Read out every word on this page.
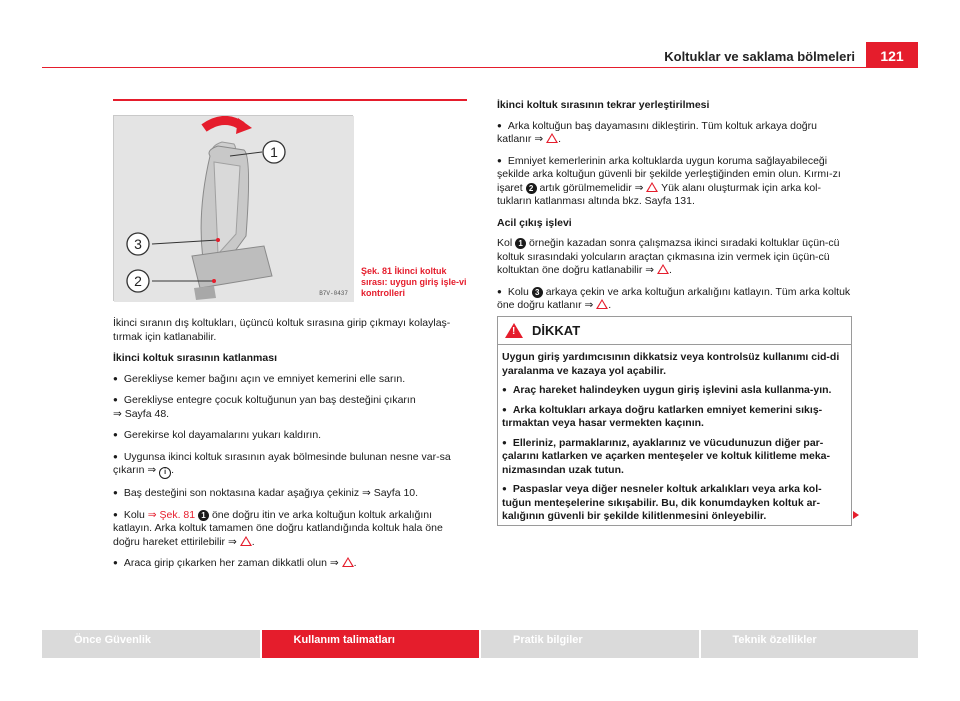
Koltuklar ve saklama bölmeleri	121
1
3
2
B7V-0437
Şek. 81 İkinci koltuk sırası: uygun giriş işle-vi kontrolleri

İkinci sıranın dış koltukları, üçüncü koltuk sırasına girip çıkmayı kolaylaş-tırmak için katlanabilir.

İkinci koltuk sırasının katlanması

● Gerekliyse kemer bağını açın ve emniyet kemerini elle sarın.

● Gerekliyse entegre çocuk koltuğunun yan baş desteğini çıkarın
⇒ Sayfa 48.

● Gerekirse kol dayamalarını yukarı kaldırın.

● Uygunsa ikinci koltuk sırasının ayak bölmesinde bulunan nesne var-sa çıkarın ⇒ i .

● Baş desteğini son noktasına kadar aşağıya çekiniz ⇒ Sayfa 10.

● Kolu ⇒ Şek. 81 1 öne doğru itin ve arka koltuğun koltuk arkalığını katlayın. Arka koltuk tamamen öne doğru katlandığında koltuk hala öne doğru hareket ettirilebilir ⇒ .

● Araca girip çıkarken her zaman dikkatli olun ⇒ .

İkinci koltuk sırasının tekrar yerleştirilmesi

● Arka koltuğun baş dayamasını dikleştirin. Tüm koltuk arkaya doğru katlanır ⇒ .

● Emniyet kemerlerinin arka koltuklarda uygun koruma sağlayabileceği şekilde arka koltuğun güvenli bir şekilde yerleştiğinden emin olun. Kırmı-zı işaret 2 artık görülmemelidir ⇒ Yük alanı oluşturmak için arka kol-tukların katlanması altında bkz. Sayfa 131.

Acil çıkış işlevi

Kol 1 örneğin kazadan sonra çalışmazsa ikinci sıradaki koltuklar üçün-cü koltuk sırasındaki yolcuların araçtan çıkmasına izin vermek için üçün-cü koltuktan öne doğru katlanabilir ⇒ .

● Kolu 3 arkaya çekin ve arka koltuğun arkalığını katlayın. Tüm arka koltuk öne doğru katlanır ⇒ .

!
DİKKAT

Uygun giriş yardımcısının dikkatsiz veya kontrolsüz kullanımı cid-di yaralanma ve kazaya yol açabilir.

● Araç hareket halindeyken uygun giriş işlevini asla kullanma-yın.

● Arka koltukları arkaya doğru katlarken emniyet kemerini sıkış-tırmaktan veya hasar vermekten kaçının.

● Elleriniz, parmaklarınız, ayaklarınız ve vücudunuzun diğer par-çalarını katlarken ve açarken menteşeler ve koltuk kilitleme meka-nizmasından uzak tutun.

● Paspaslar veya diğer nesneler koltuk arkalıkları veya arka kol-tuğun menteşelerine sıkışabilir. Bu, dik konumdayken koltuk ar-kalığının güvenli bir şekilde kilitlenmesini önleyebilir.

Önce Güvenlik	Kullanım talimatları	Pratik bilgiler	Teknik özellikler
